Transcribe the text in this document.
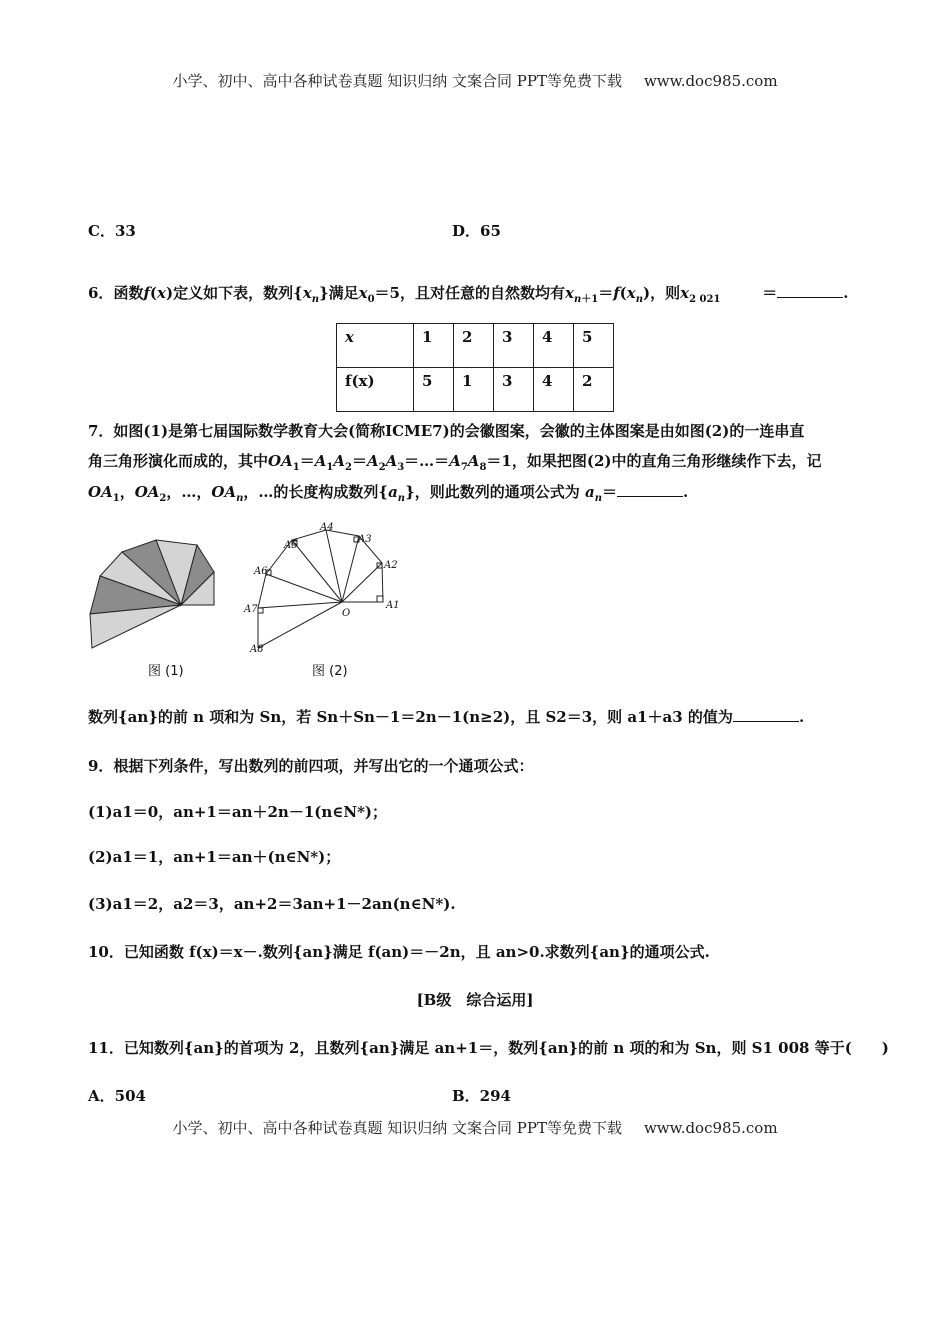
小学、初中、高中各种试卷真题 知识归纳 文案合同 PPT等免费下载 www.doc985.com
C．33	D．65
6．函数f(x)定义如下表，数列$\{x_n\}$满足$x_0=5$，且对任意的自然数均有$x_{n+1}=f(x_n)$，则$x_{2 021}$	＝	.
x	1	2	3	4	5
f(x)	5	1	3	4	2
7．如图(1)是第七届国际数学教育大会(简称ICME7)的会徽图案，会徽的主体图案是由如图(2)的一连串直
角三角形演化而成的，其中$OA_1=A_1A_2=A_2A_3=\dots=A_7A_8=1$，如果把图(2)中的直角三角形继续作下去，记
$OA_1$，$OA_2$，…，$OA_n$，…的长度构成数列$\{a_n\}$，则此数列的通项公式为 $a_n=$	.
图 (1)
A1
A2
A3
A4
A5
A6
A7
A8
O
图 (2)
数列{an}的前 n 项和为 Sn，若 Sn＋Sn－1＝2n－1(n≥2)，且 S2＝3，则 a1＋a3 的值为	.
9．根据下列条件，写出数列的前四项，并写出它的一个通项公式：
(1)a1＝0，an+1＝an＋2n－1(n∈N*)；
(2)a1＝1，an+1＝an＋(n∈N*)；
(3)a1＝2，a2＝3，an+2＝3an+1－2an(n∈N*).
10．已知函数 f(x)＝x－.数列{an}满足 f(an)＝－2n，且 an>0.求数列{an}的通项公式.
[B级　综合运用]
11．已知数列{an}的首项为 2，且数列{an}满足 an+1＝，数列{an}的前 n 项的和为 Sn，则 S1 008 等于(　　)
A．504	B．294
小学、初中、高中各种试卷真题 知识归纳 文案合同 PPT等免费下载 www.doc985.com
